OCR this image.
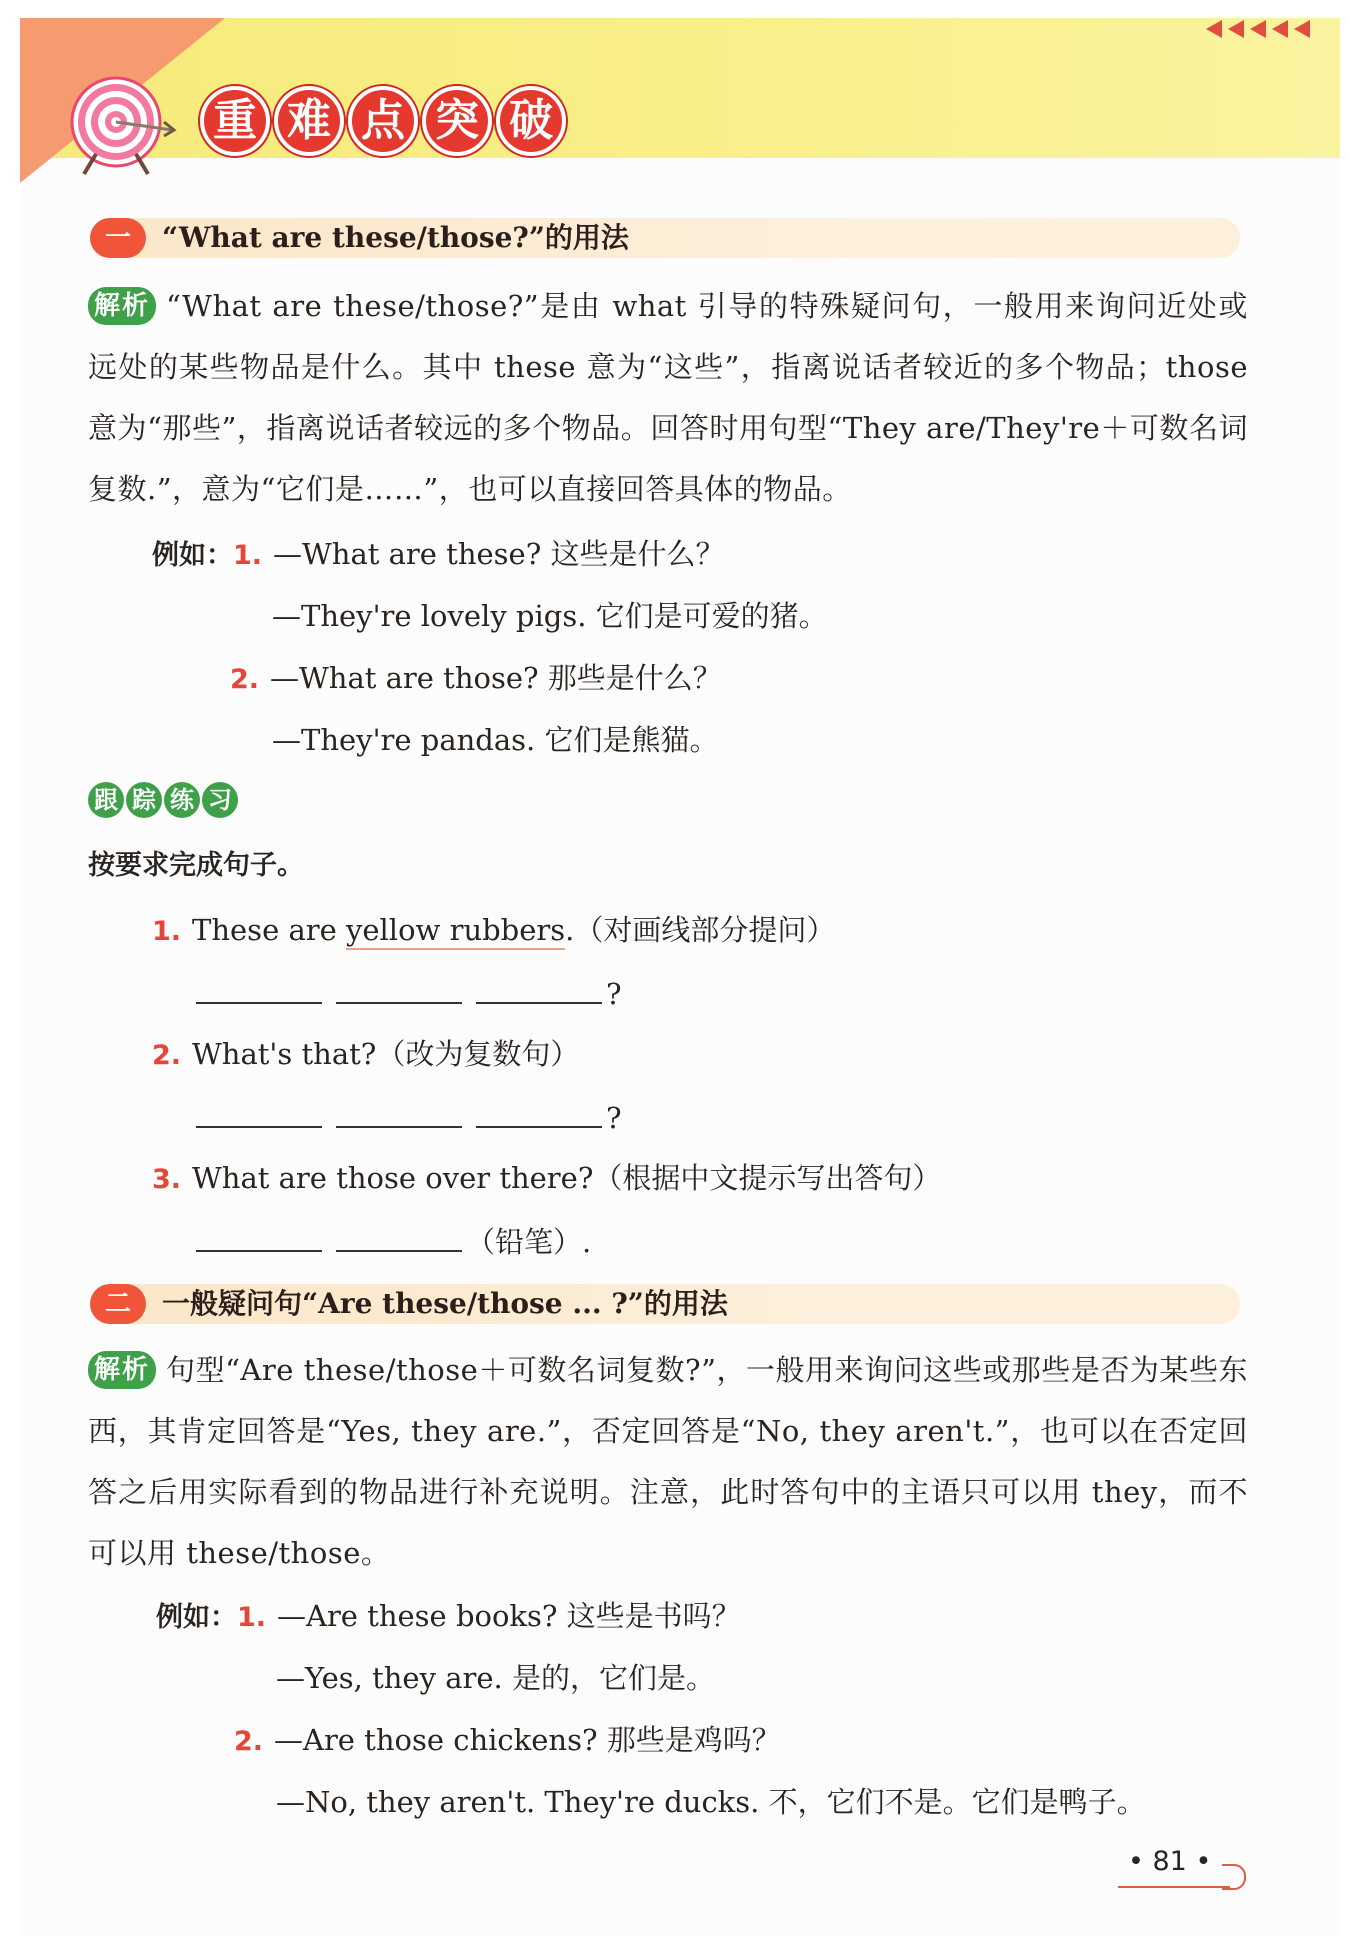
重 难 点 突 破
一	“What are these/those?”的用法
解析 “What are these/those?”是由 what 引导的特殊疑问句，一般用来询问近处或远处的某些物品是什么。其中 these 意为“这些”，指离说话者较近的多个物品；those 意为“那些”，指离说话者较远的多个物品。回答时用句型“They are/They're＋可数名词复数.”，意为“它们是……”，也可以直接回答具体的物品。
例如：1. —What are these? 这些是什么？
—They're lovely pigs. 它们是可爱的猪。
2. —What are those? 那些是什么？
—They're pandas. 它们是熊猫。
跟 踪 练 习
按要求完成句子。
1. These are yellow rubbers.（对画线部分提问）
?
2. What's that?（改为复数句）
?
3. What are those over there?（根据中文提示写出答句）
（铅笔）.
二	一般疑问句“Are these/those ... ?”的用法
解析 句型“Are these/those＋可数名词复数?”，一般用来询问这些或那些是否为某些东西，其肯定回答是“Yes, they are.”，否定回答是“No, they aren't.”，也可以在否定回答之后用实际看到的物品进行补充说明。注意，此时答句中的主语只可以用 they，而不可以用 these/those。
例如：1. —Are these books? 这些是书吗？
—Yes, they are. 是的，它们是。
2. —Are those chickens? 那些是鸡吗？
—No, they aren't. They're ducks. 不，它们不是。它们是鸭子。
• 81 •
